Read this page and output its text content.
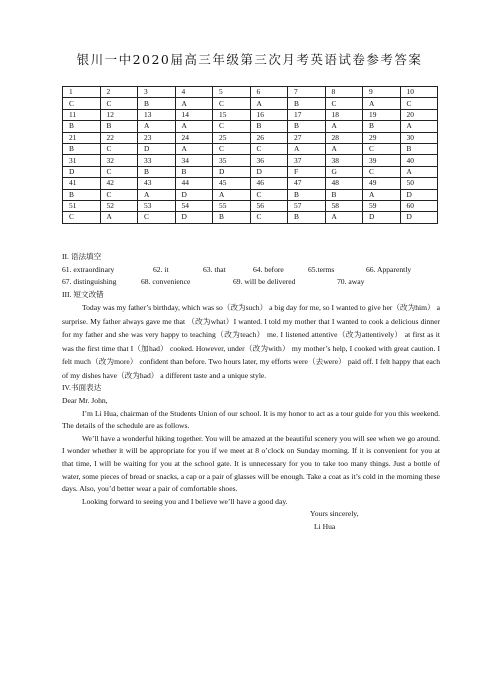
银川一中2020届高三年级第三次月考英语试卷参考答案
1	2	3	4	5	6	7	8	9	10
C	C	B	A	C	A	B	C	A	C
11	12	13	14	15	16	17	18	19	20
B	B	A	A	C	B	B	A	B	A
21	22	23	24	25	26	27	28	29	30
B	C	D	A	C	C	A	A	C	B
31	32	33	34	35	36	37	38	39	40
D	C	B	B	D	D	F	G	C	A
41	42	43	44	45	46	47	48	49	50
B	C	A	D	A	C	B	B	A	D
51	52	53	54	55	56	57	58	59	60
C	A	C	D	B	C	B	A	D	D

II. 语法填空

61. extraordinary	62. it	63. that	64. before	65.terms	66. Apparently
67. distinguishing	68. convenience	69. will be delivered	70. away

III. 短文改错

Today was my father’s birthday, which was so（改为such） a big day for me, so I wanted to give her（改为him） a surprise. My father always gave me that （改为what）I wanted. I told my mother that I wanted to cook a delicious dinner for my father and she was very happy to teaching（改为teach） me. I listened attentive（改为attentively） at first as it was the first time that I（加had） cooked. However, under（改为with） my mother’s help, I cooked with great caution. I felt much（改为more） confident than before. Two hours later, my efforts were（去were） paid off. I felt happy that each of my dishes have（改为had） a different taste and a unique style.

IV.书面表达

Dear Mr. John,

I’m Li Hua, chairman of the Students Union of our school. It is my honor to act as a tour guide for you this weekend. The details of the schedule are as follows.

We’ll have a wonderful hiking together. You will be amazed at the beautiful scenery you will see when we go around. I wonder whether it will be appropriate for you if we meet at 8 o’clock on Sunday morning. If it is convenient for you at that time, I will be waiting for you at the school gate. It is unnecessary for you to take too many things. Just a bottle of water, some pieces of bread or snacks, a cap or a pair of glasses will be enough. Take a coat as it’s cold in the morning these days. Also, you’d better wear a pair of comfortable shoes.

Looking forward to seeing you and I believe we’ll have a good day.

Yours sincerely,

Li Hua
